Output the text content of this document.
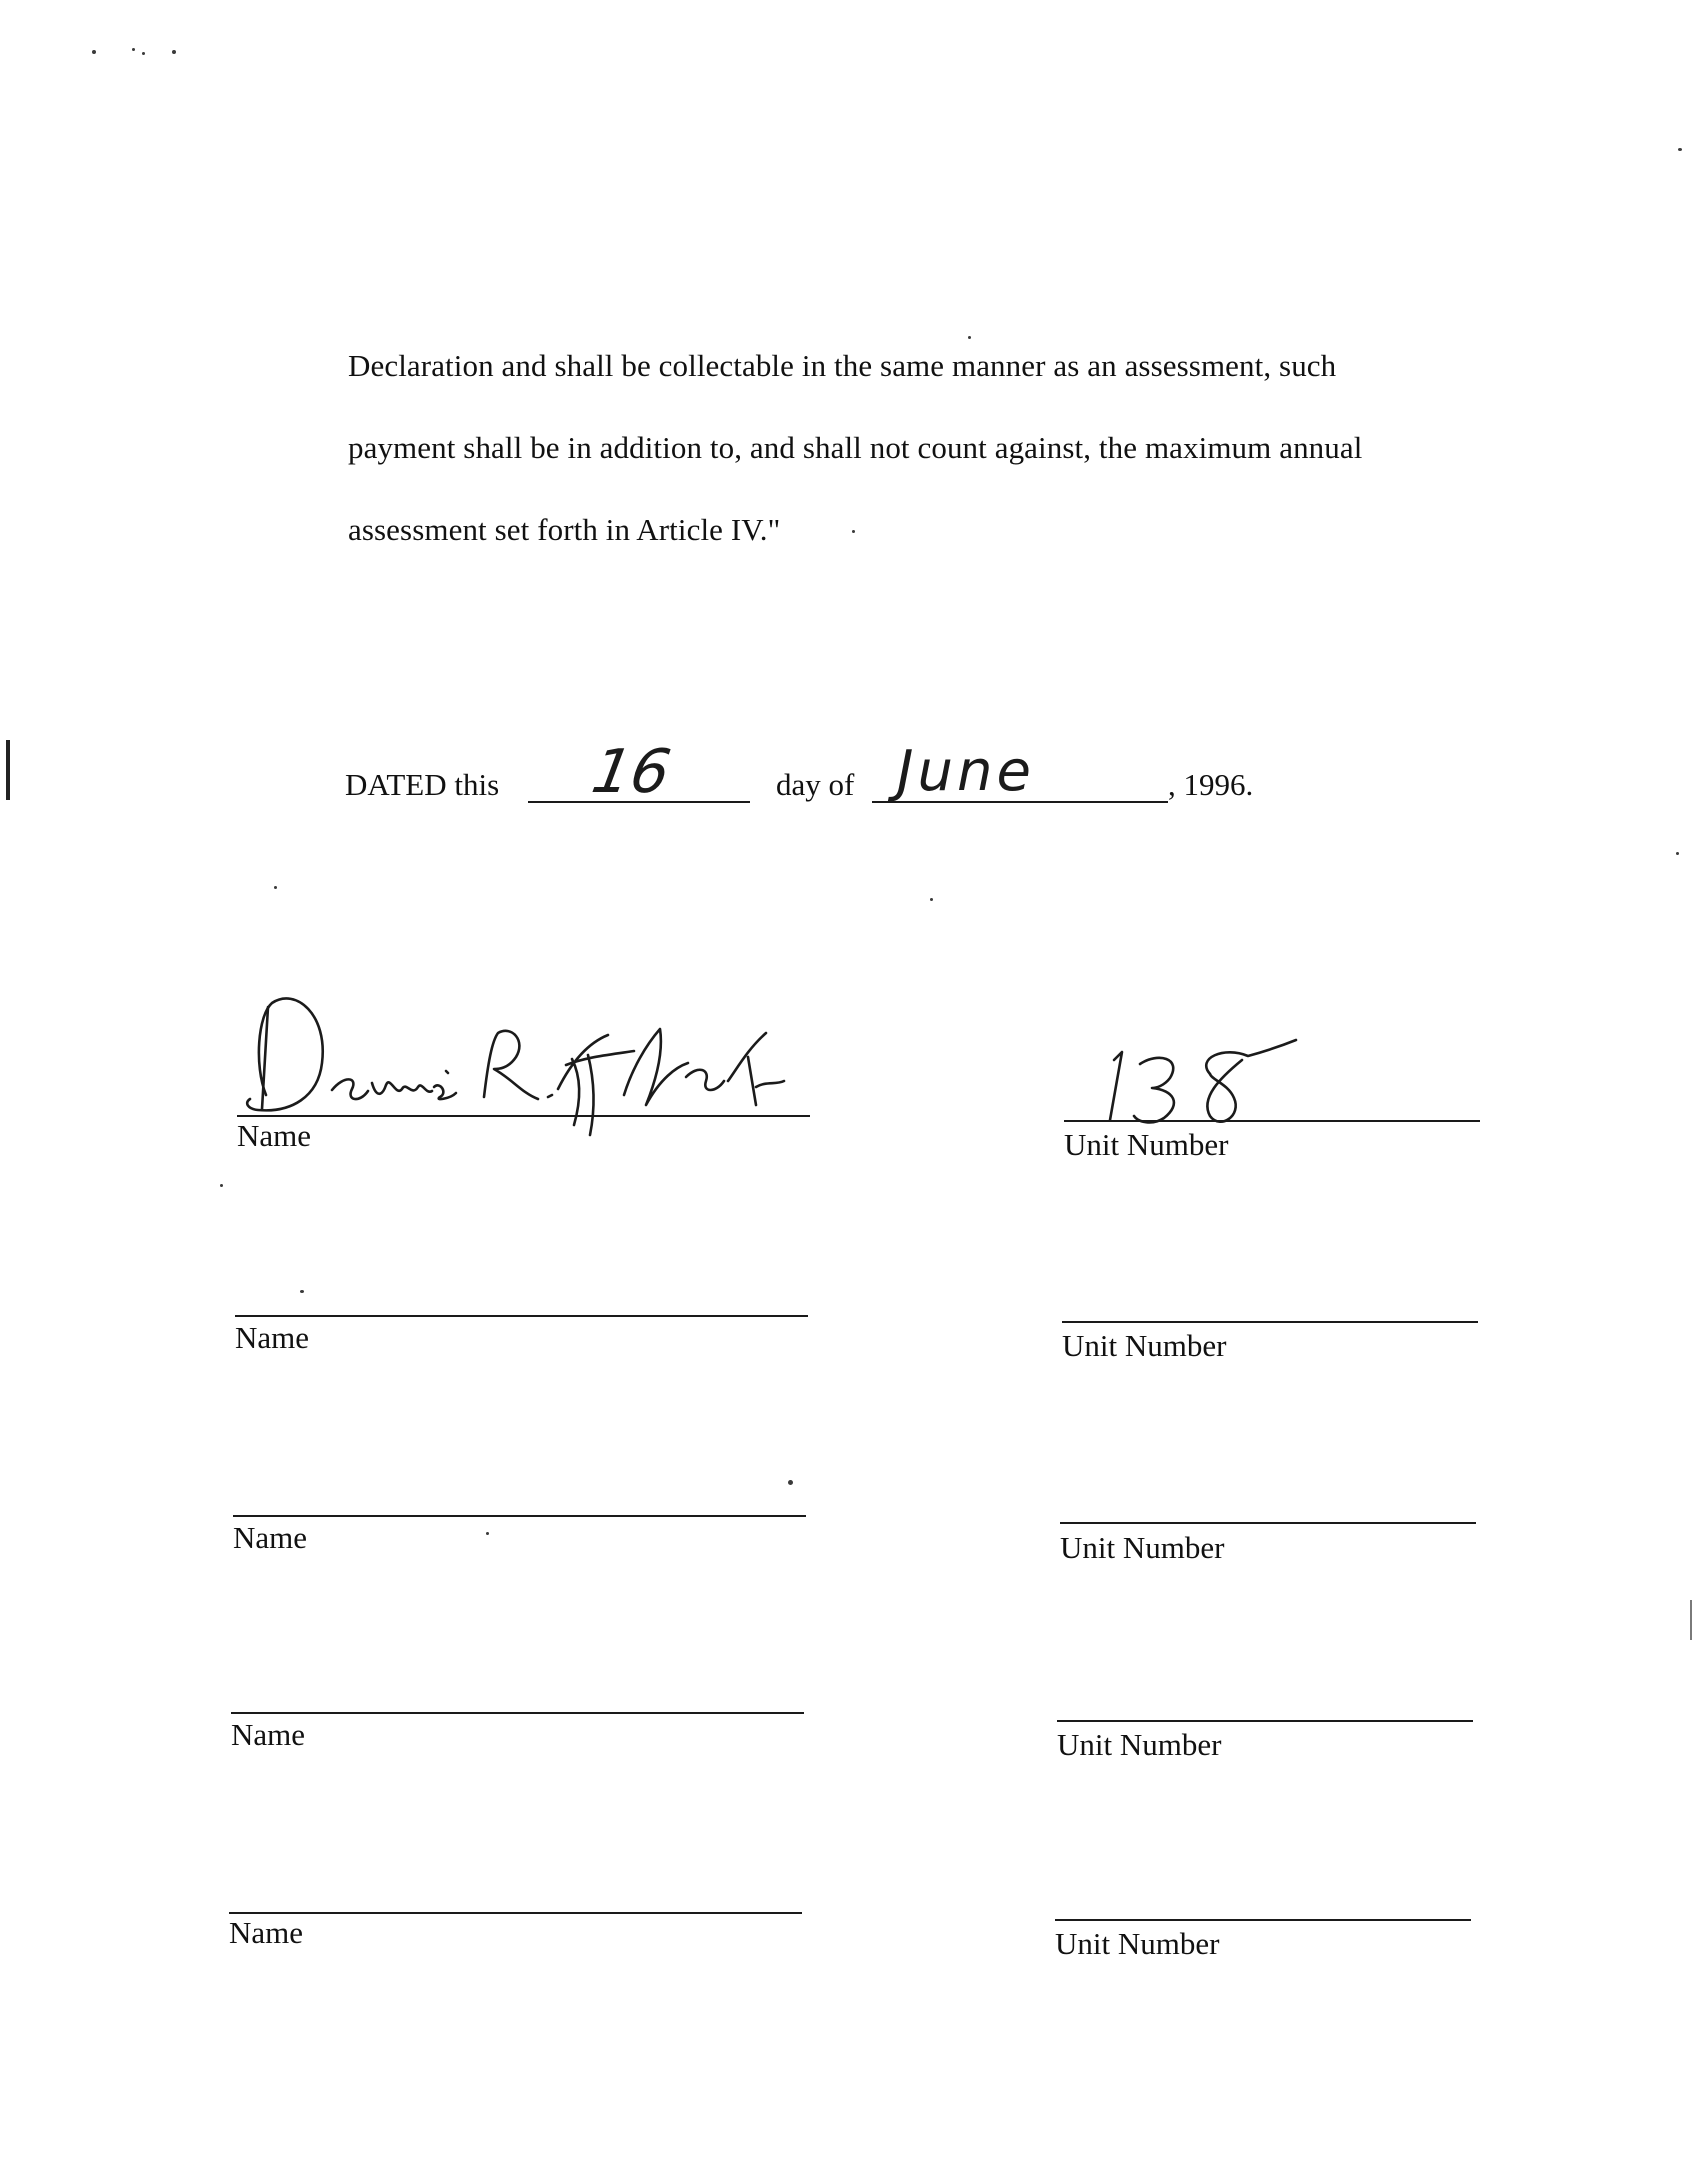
Declaration and shall be collectable in the same manner as an assessment, such
payment shall be in addition to, and shall not count against, the maximum annual
assessment set forth in Article IV."
DATED this 16	day of June	, 1996.
Name	Unit Number
Name	Unit Number
Name	Unit Number
Name	Unit Number
Name	Unit Number
